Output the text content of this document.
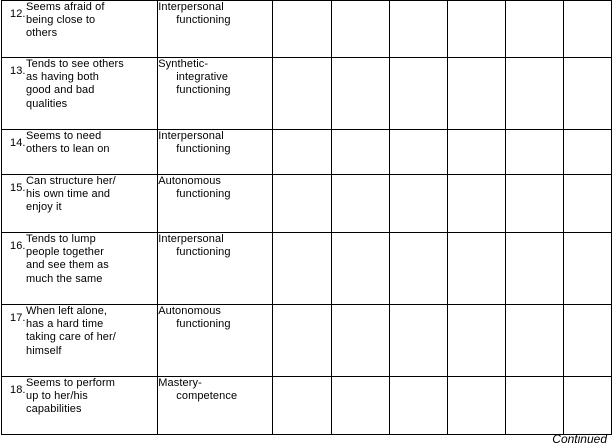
12.
Seems afraid of
being close to
others	Interpersonal
functioning						

13.
Tends to see others
as having both
good and bad
qualities	Synthetic-
integrative
functioning						

14.
Seems to need
others to lean on	Interpersonal
functioning						

15.
Can structure her/
his own time and
enjoy it	Autonomous
functioning						

16.
Tends to lump
people together
and see them as
much the same	Interpersonal
functioning						

17.
When left alone,
has a hard time
taking care of her/
himself	Autonomous
functioning						

18.
Seems to perform
up to her/his
capabilities	Mastery-
competence						

Continued
